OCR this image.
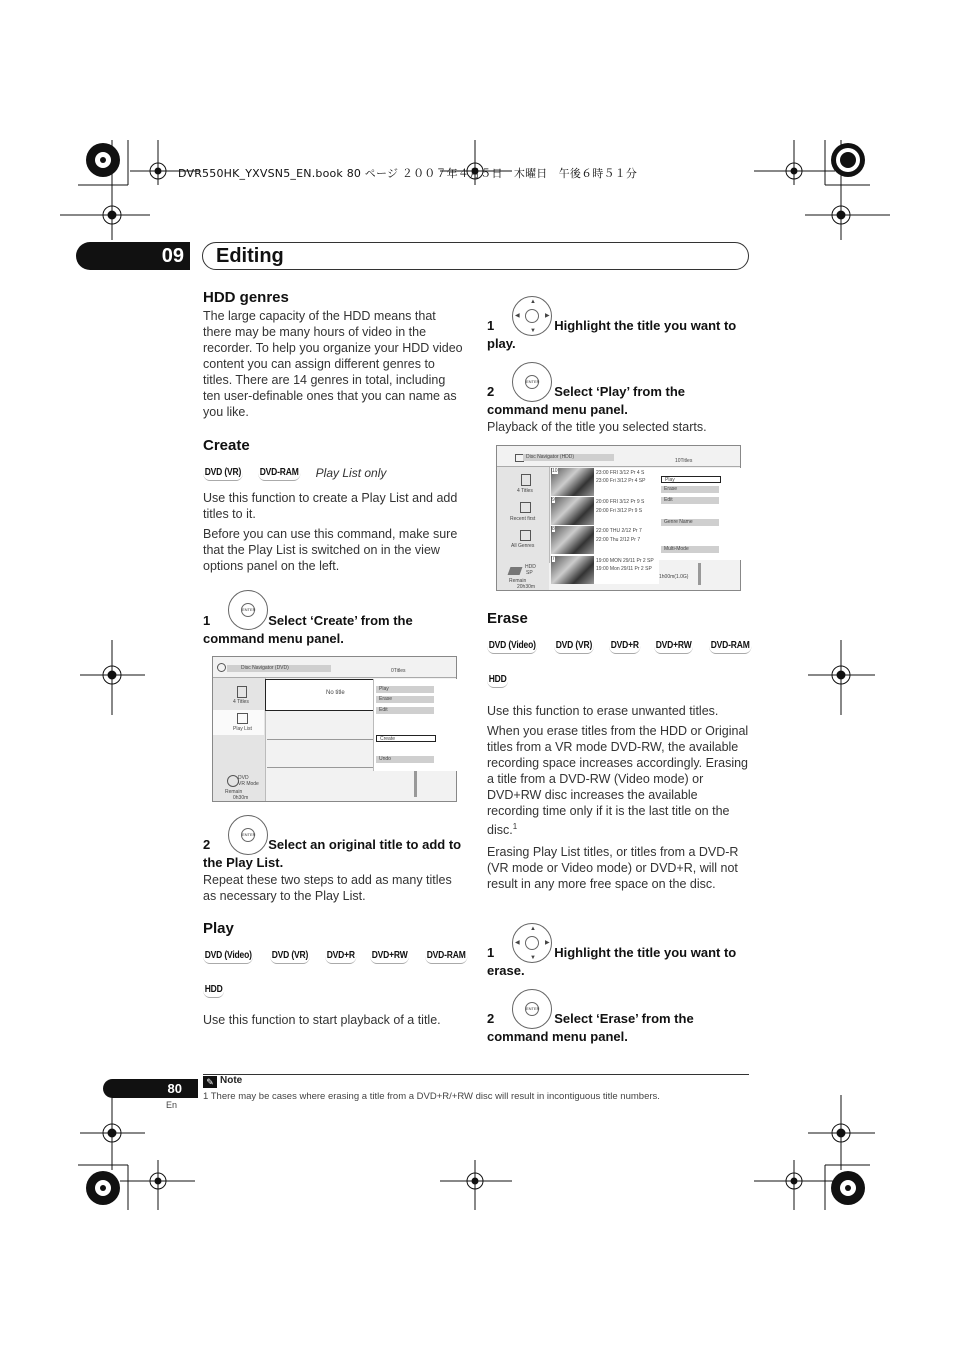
DVR550HK_YXVSN5_EN.book 80 ページ ２００７年４月５日　木曜日　午後６時５１分
09	Editing
HDD genres
The large capacity of the HDD means that there may be many hours of video in the recorder. To help you organize your HDD video content you can assign different genres to titles. There are 14 genres in total, including ten user-definable ones that you can name as you like.
Create
DVD (VR) DVD-RAM Play List only
Use this function to create a Play List and add titles to it.
Before you can use this command, make sure that the Play List is switched on in the view options panel on the left.
ENTER
1	Select ‘Create’ from the command menu panel.
Disc Navigator (DVD)	0Titles
4 Titles
Play List
DVD
VR Mode
Remain
0h30m
No title
Play
Erase
Edit
Create
Undo
ENTER
2	Select an original title to add to the Play List.
Repeat these two steps to add as many titles as necessary to the Play List.
Play
DVD (Video) DVD (VR) DVD+R DVD+RW DVD-RAM
HDD
Use this function to start playback of a title.
▲
▼
◀	▶
1	Highlight the title you want to play.
ENTER
2	Select ‘Play’ from the command menu panel.
Playback of the title you selected starts.
Disc Navigator (HDD)
10Titles
4 Titles
Recent first
All Genres
HDD
SP
Remain
20h30m
10	23:00 FRI 3/12 Pr 4 S
23:00 Fri 3/12 Pr 4 SP
9	20:00 FRI 3/12 Pr 9 S
20:00 Fri 3/12 Pr 9 S
8	22:00 THU 2/12 Pr 7
22:00 Thu 2/12 Pr 7
7	19:00 MON 29/11 Pr 2 SP
19:00 Mon 29/11 Pr 2 SP
1h00m(1.0G)
Play
Erase
Edit
Genre Name
Multi-Mode
Erase
DVD (Video) DVD (VR) DVD+R DVD+RW DVD-RAM
HDD
Use this function to erase unwanted titles.
When you erase titles from the HDD or Original titles from a VR mode DVD-RW, the available recording space increases accordingly. Erasing a title from a DVD-RW (Video mode) or DVD+RW disc increases the available recording time only if it is the last title on the disc.$^1$
Erasing Play List titles, or titles from a DVD-R (VR mode or Video mode) or DVD+R, will not result in any more free space on the disc.
▲
▼
◀	▶
1	Highlight the title you want to erase.
ENTER
2	Select ‘Erase’ from the command menu panel.
✎ Note
1 There may be cases where erasing a title from a DVD+R/+RW disc will result in incontiguous title numbers.
80
En
